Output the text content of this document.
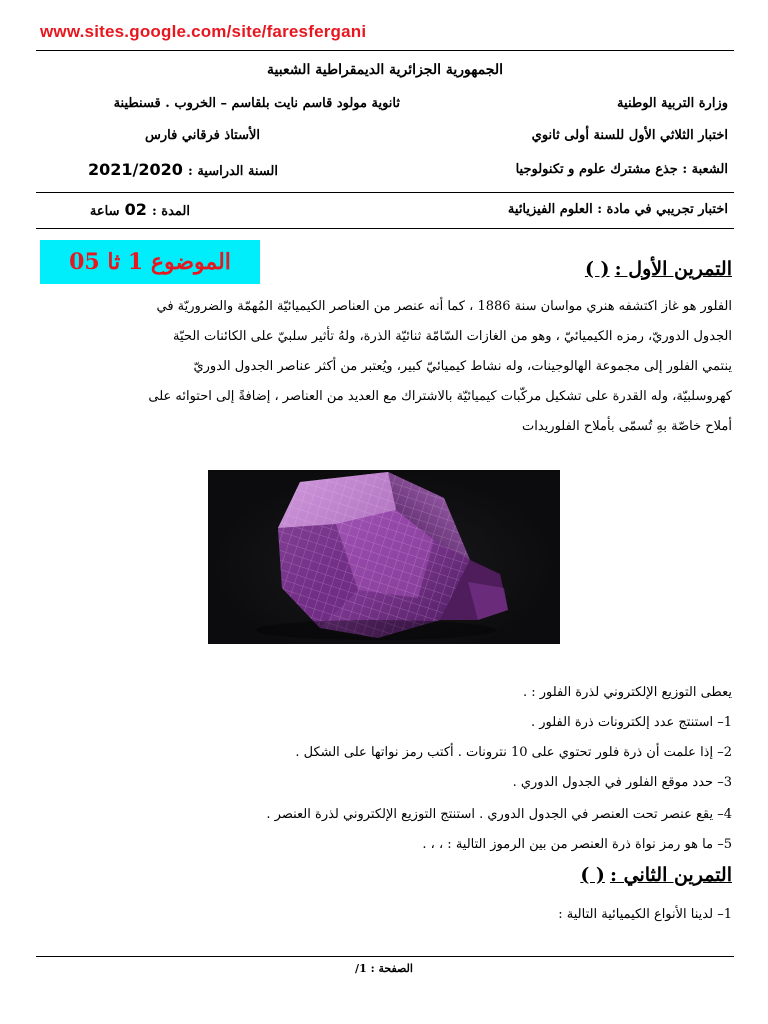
www.sites.google.com/site/faresfergani
الجمهورية الجزائرية الديمقراطية الشعبية
وزارة التربية الوطنية
ثانوية مولود قاسم نايت بلقاسم – الخروب . قسنطينة
اختبار الثلاثي الأول للسنة أولى ثانوي
الأستاذ فرقاني فارس
الشعبة : جذع مشترك علوم و تكنولوجيا
السنة الدراسية : 2021/2020
اختبار تجريبي في مادة : العلوم الفيزيائية
المدة : 02 ساعة
الموضوع 1 ثا 05	التمرين الأول : ( )

الفلور هو غاز اكتشفه هنري مواسان سنة 1886 ، كما أنه عنصر من العناصر الكيميائيّة المُهمّة والضروريّة في

الجدول الدوريّ، رمزه الكيميائيّ ، وهو من الغازات السّامّة ثنائيّة الذرة، ولهُ تأثير سلبيّ على الكائنات الحيّة

ينتمي الفلور إلى مجموعة الهالوجينات، وله نشاط كيميائيّ كبير، ويُعتبر من أكثر عناصر الجدول الدوريّ

كهروسلبيّة، وله القدرة على تشكيل مركّبات كيميائيّة بالاشتراك مع العديد من العناصر ، إضافةً إلى احتوائه على

أملاح خاصّة بهِ تُسمّى بأملاح الفلوريدات

يعطى التوزيع الإلكتروني لذرة الفلور : .
1– استنتج عدد إلكترونات ذرة الفلور .
2– إذا علمت أن ذرة فلور تحتوي على 10 نترونات . أكتب رمز نواتها على الشكل .
3– حدد موقع الفلور في الجدول الدوري .
4– يقع عنصر تحت العنصر في الجدول الدوري . استنتج التوزيع الإلكتروني لذرة العنصر .
5– ما هو رمز نواة ذرة العنصر من بين الرموز التالية : ، ، .
التمرين الثاني : ( )
1– لدينا الأنواع الكيميائية التالية :
الصفحة : 1/
